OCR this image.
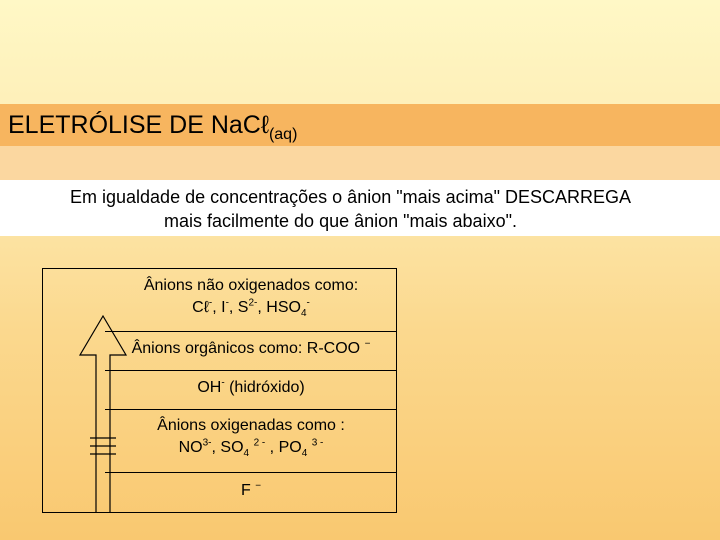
ELETRÓLISE DE NaCℓ$_{(aq)}$
Em igualdade de concentrações o ânion "mais acima" DESCARREGA
mais facilmente do que ânion "mais abaixo".
Ânions não oxigenados como:
Cℓ-, I-, $S^{2-}$, $HSO_4^-$
Ânions orgânicos como: R-COO −
OH- (hidróxido)
Ânions oxigenadas como :
$NO^{3-}$, $SO_4$ $^{2 -}$ , $PO_4$ $^{3 -}$
F −
